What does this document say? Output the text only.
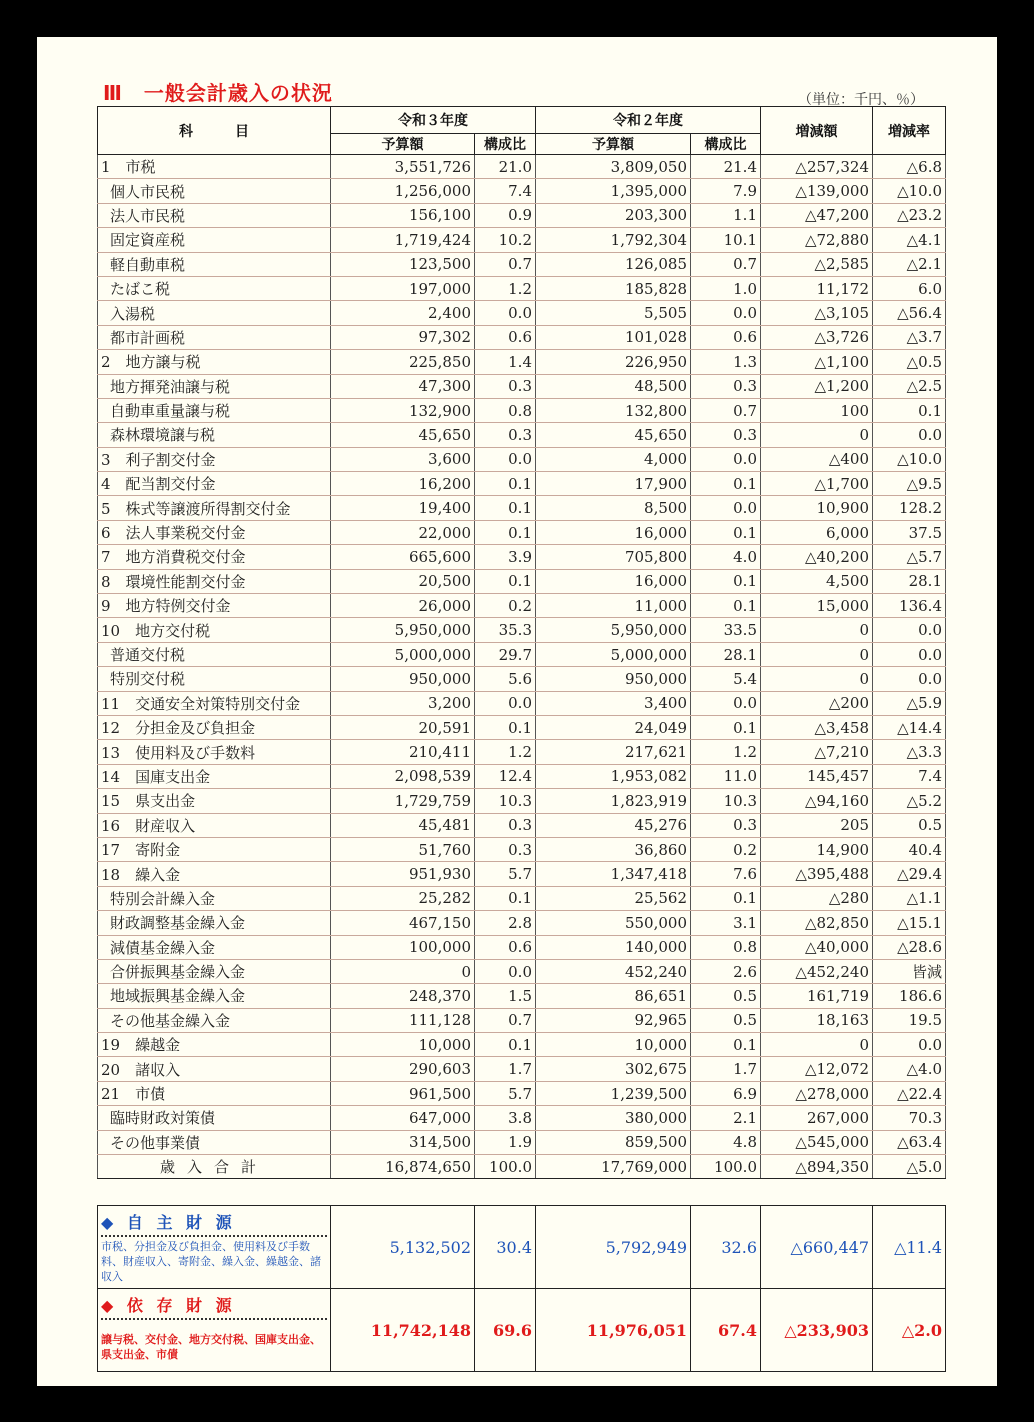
Ⅲ　一般会計歳入の状況	（単位：千円、％）
科　　　目	令和３年度		令和２年度		増減額	増減率
	予算額	構成比	予算額	構成比		
1　市税	3,551,726	21.0	3,809,050	21.4	△257,324	△6.8
個人市民税	1,256,000	7.4	1,395,000	7.9	△139,000	△10.0
法人市民税	156,100	0.9	203,300	1.1	△47,200	△23.2
固定資産税	1,719,424	10.2	1,792,304	10.1	△72,880	△4.1
軽自動車税	123,500	0.7	126,085	0.7	△2,585	△2.1
たばこ税	197,000	1.2	185,828	1.0	11,172	6.0
入湯税	2,400	0.0	5,505	0.0	△3,105	△56.4
都市計画税	97,302	0.6	101,028	0.6	△3,726	△3.7
2　地方譲与税	225,850	1.4	226,950	1.3	△1,100	△0.5
地方揮発油譲与税	47,300	0.3	48,500	0.3	△1,200	△2.5
自動車重量譲与税	132,900	0.8	132,800	0.7	100	0.1
森林環境譲与税	45,650	0.3	45,650	0.3	0	0.0
3　利子割交付金	3,600	0.0	4,000	0.0	△400	△10.0
4　配当割交付金	16,200	0.1	17,900	0.1	△1,700	△9.5
5　株式等譲渡所得割交付金	19,400	0.1	8,500	0.0	10,900	128.2
6　法人事業税交付金	22,000	0.1	16,000	0.1	6,000	37.5
7　地方消費税交付金	665,600	3.9	705,800	4.0	△40,200	△5.7
8　環境性能割交付金	20,500	0.1	16,000	0.1	4,500	28.1
9　地方特例交付金	26,000	0.2	11,000	0.1	15,000	136.4
10　地方交付税	5,950,000	35.3	5,950,000	33.5	0	0.0
普通交付税	5,000,000	29.7	5,000,000	28.1	0	0.0
特別交付税	950,000	5.6	950,000	5.4	0	0.0
11　交通安全対策特別交付金	3,200	0.0	3,400	0.0	△200	△5.9
12　分担金及び負担金	20,591	0.1	24,049	0.1	△3,458	△14.4
13　使用料及び手数料	210,411	1.2	217,621	1.2	△7,210	△3.3
14　国庫支出金	2,098,539	12.4	1,953,082	11.0	145,457	7.4
15　県支出金	1,729,759	10.3	1,823,919	10.3	△94,160	△5.2
16　財産収入	45,481	0.3	45,276	0.3	205	0.5
17　寄附金	51,760	0.3	36,860	0.2	14,900	40.4
18　繰入金	951,930	5.7	1,347,418	7.6	△395,488	△29.4
特別会計繰入金	25,282	0.1	25,562	0.1	△280	△1.1
財政調整基金繰入金	467,150	2.8	550,000	3.1	△82,850	△15.1
減債基金繰入金	100,000	0.6	140,000	0.8	△40,000	△28.6
合併振興基金繰入金	0	0.0	452,240	2.6	△452,240	皆減
地域振興基金繰入金	248,370	1.5	86,651	0.5	161,719	186.6
その他基金繰入金	111,128	0.7	92,965	0.5	18,163	19.5
19　繰越金	10,000	0.1	10,000	0.1	0	0.0
20　諸収入	290,603	1.7	302,675	1.7	△12,072	△4.0
21　市債	961,500	5.7	1,239,500	6.9	△278,000	△22.4
臨時財政対策債	647,000	3.8	380,000	2.1	267,000	70.3
その他事業債	314,500	1.9	859,500	4.8	△545,000	△63.4
歳入合計	16,874,650	100.0	17,769,000	100.0	△894,350	△5.0
◆ 自 主 財 源
市税、分担金及び負担金、使用料及び手数料、財産収入、寄附金、繰入金、繰越金、諸収入	5,132,502	30.4	5,792,949	32.6	△660,447	△11.4

◆ 依 存 財 源
譲与税、交付金、地方交付税、国庫支出金、県支出金、市債	11,742,148	69.6	11,976,051	67.4	△233,903	△2.0
